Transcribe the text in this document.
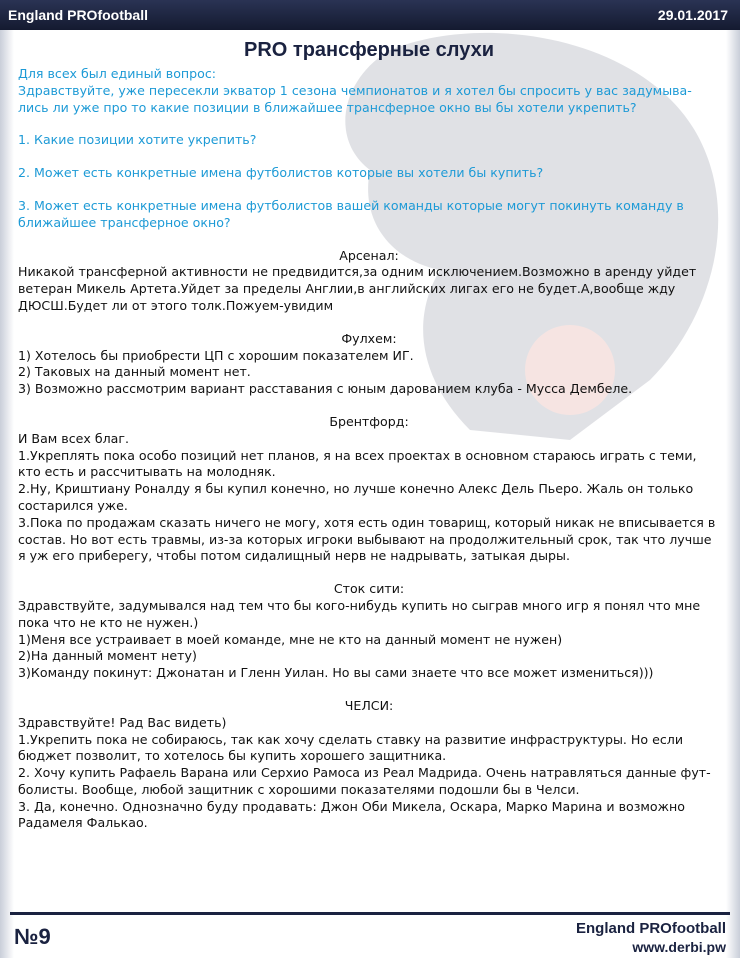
England PROfootball	29.01.2017
PRO трансферные слухи

Для всех был единый вопрос:

Здравствуйте, уже пересекли экватор 1 сезона чемпионатов и я хотел бы спросить у вас задумыва-лись ли уже про то какие позиции в ближайшее трансферное окно вы бы хотели укрепить?

1. Какие позиции хотите укрепить?

2. Может есть конкретные имена футболистов которые вы хотели бы купить?

3. Может есть конкретные имена футболистов вашей команды которые могут покинуть команду в ближайшее трансферное окно?

Арсенал:

Никакой трансферной активности не предвидится,за одним исключением.Возможно в аренду уйдет ветеран Микель Артета.Уйдет за пределы Англии,в английских лигах его не будет.А,вообще жду ДЮСШ.Будет ли от этого толк.Пожуем-увидим

Фулхем:

1) Хотелось бы приобрести ЦП с хорошим показателем ИГ.

2) Таковых на данный момент нет.

3) Возможно рассмотрим вариант расставания с юным дарованием клуба - Мусса Дембеле.

Брентфорд:

И Вам всех благ.

1.Укреплять пока особо позиций нет планов, я на всех проектах в основном стараюсь играть с теми, кто есть и рассчитывать на молодняк.

2.Ну, Криштиану Роналду я бы купил конечно, но лучше конечно Алекс Дель Пьеро. Жаль он только состарился уже.

3.Пока по продажам сказать ничего не могу, хотя есть один товарищ, который никак не вписывается в состав. Но вот есть травмы, из-за которых игроки выбывают на продолжительный срок, так что лучше я уж его приберегу, чтобы потом сидалищный нерв не надрывать, затыкая дыры.

Сток сити:

Здравствуйте, задумывался над тем что бы кого-нибудь купить но сыграв много игр я понял что мне пока что не кто не нужен.)

1)Меня все устраивает в моей команде, мне не кто на данный момент не нужен)

2)На данный момент нету)

3)Команду покинут: Джонатан и Гленн Уилан. Но вы сами знаете что все может измениться)))

ЧЕЛСИ:

Здравствуйте! Рад Вас видеть)

1.Укрепить пока не собираюсь, так как хочу сделать ставку на развитие инфраструктуры. Но если бюджет позволит, то хотелось бы купить хорошего защитника.

2. Хочу купить Рафаель Варана или Серхио Рамоса из Реал Мадрида. Очень натравляться данные фут-болисты. Вообще, любой защитник с хорошими показателями подошли бы в Челси.

3. Да, конечно. Однозначно буду продавать: Джон Оби Микела, Оскара, Марко Марина и возможно Радамеля Фалькао.

№9	England PROfootball
www.derbi.pw
